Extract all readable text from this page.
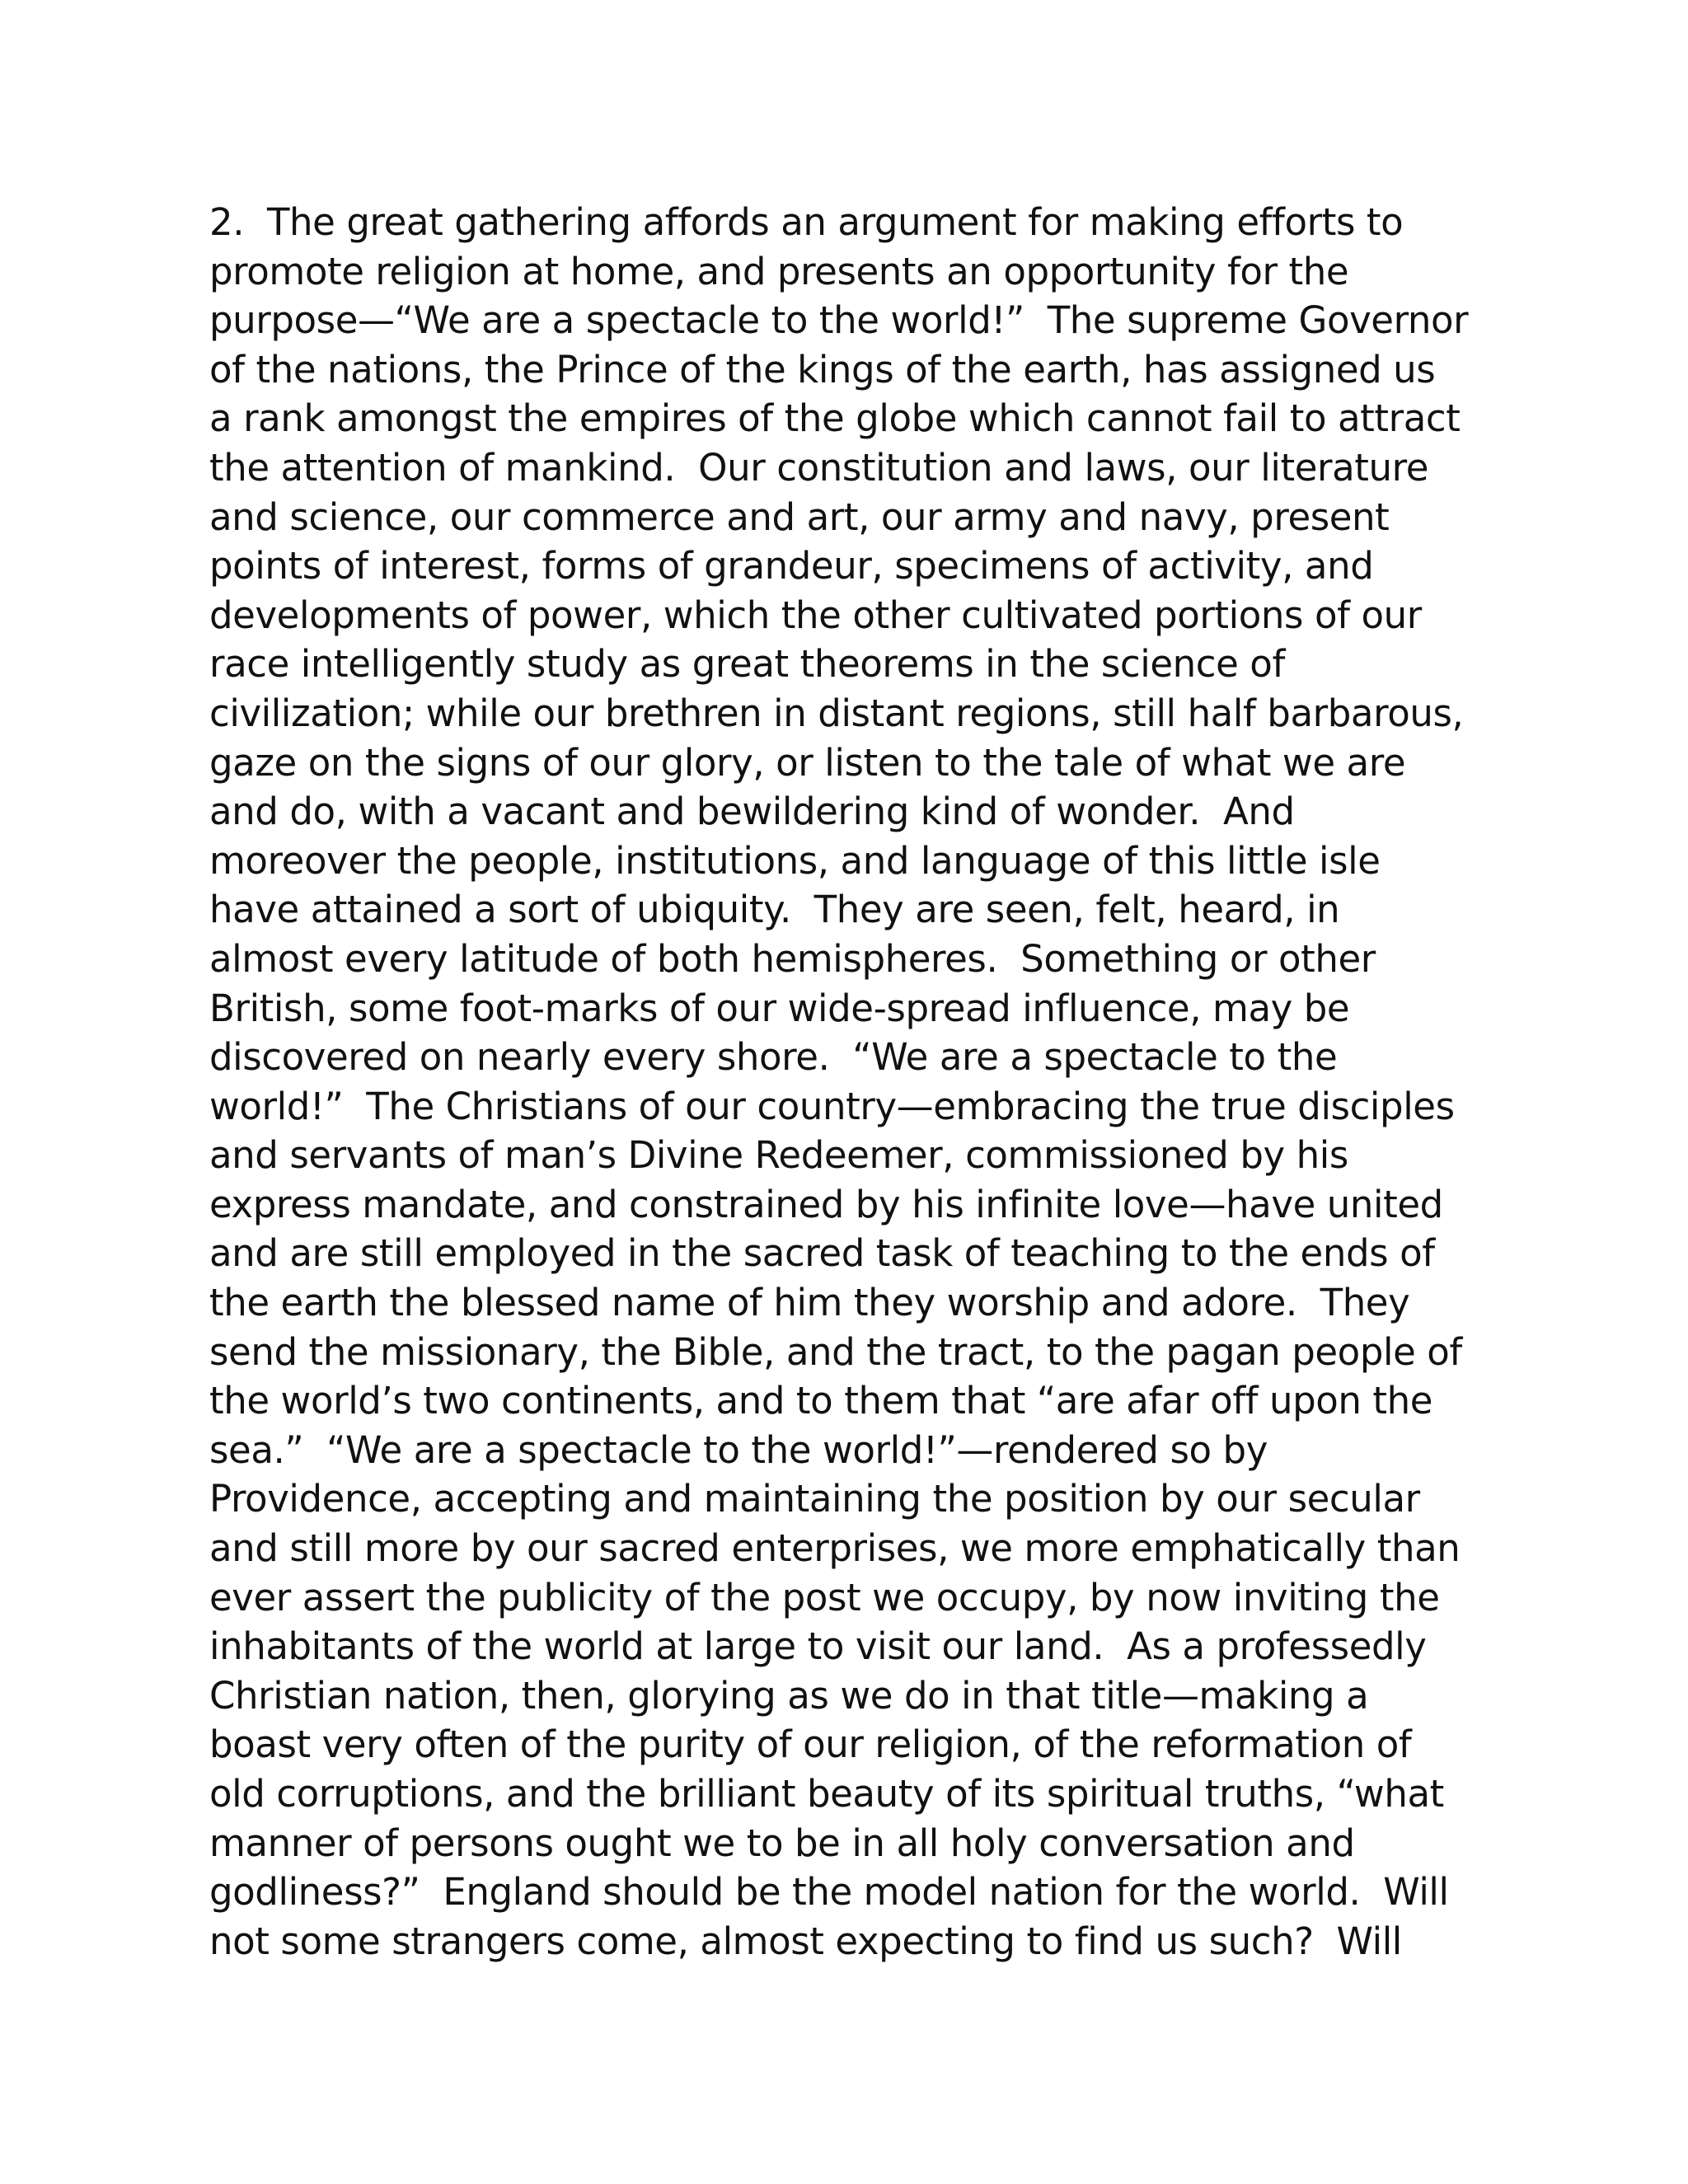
2.  The great gathering affords an argument for making efforts to
promote religion at home, and presents an opportunity for the
purpose—“We are a spectacle to the world!”  The supreme Governor
of the nations, the Prince of the kings of the earth, has assigned us
a rank amongst the empires of the globe which cannot fail to attract
the attention of mankind.  Our constitution and laws, our literature
and science, our commerce and art, our army and navy, present
points of interest, forms of grandeur, specimens of activity, and
developments of power, which the other cultivated portions of our
race intelligently study as great theorems in the science of
civilization; while our brethren in distant regions, still half barbarous,
gaze on the signs of our glory, or listen to the tale of what we are
and do, with a vacant and bewildering kind of wonder.  And
moreover the people, institutions, and language of this little isle
have attained a sort of ubiquity.  They are seen, felt, heard, in
almost every latitude of both hemispheres.  Something or other
British, some foot-marks of our wide-spread influence, may be
discovered on nearly every shore.  “We are a spectacle to the
world!”  The Christians of our country—embracing the true disciples
and servants of man’s Divine Redeemer, commissioned by his
express mandate, and constrained by his infinite love—have united
and are still employed in the sacred task of teaching to the ends of
the earth the blessed name of him they worship and adore.  They
send the missionary, the Bible, and the tract, to the pagan people of
the world’s two continents, and to them that “are afar off upon the
sea.”  “We are a spectacle to the world!”—rendered so by
Providence, accepting and maintaining the position by our secular
and still more by our sacred enterprises, we more emphatically than
ever assert the publicity of the post we occupy, by now inviting the
inhabitants of the world at large to visit our land.  As a professedly
Christian nation, then, glorying as we do in that title—making a
boast very often of the purity of our religion, of the reformation of
old corruptions, and the brilliant beauty of its spiritual truths, “what
manner of persons ought we to be in all holy conversation and
godliness?”  England should be the model nation for the world.  Will
not some strangers come, almost expecting to find us such?  Will
